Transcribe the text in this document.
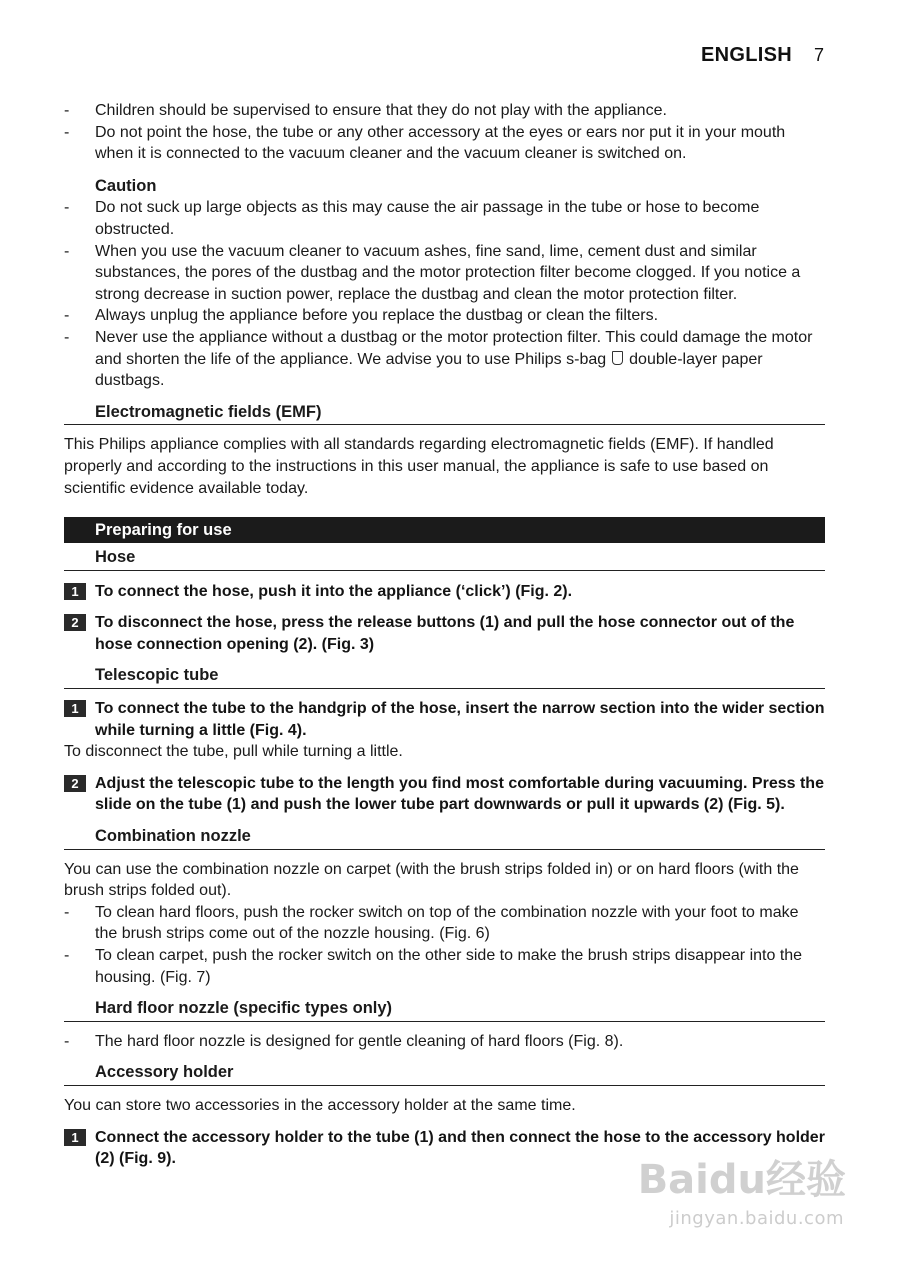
ENGLISH 7
- Children should be supervised to ensure that they do not play with the appliance.
- Do not point the hose, the tube or any other accessory at the eyes or ears nor put it in your mouth when it is connected to the vacuum cleaner and the vacuum cleaner is switched on.
Caution
- Do not suck up large objects as this may cause the air passage in the tube or hose to become obstructed.
- When you use the vacuum cleaner to vacuum ashes, fine sand, lime, cement dust and similar substances, the pores of the dustbag and the motor protection filter become clogged. If you notice a strong decrease in suction power, replace the dustbag and clean the motor protection filter.
- Always unplug the appliance before you replace the dustbag or clean the filters.
- Never use the appliance without a dustbag or the motor protection filter. This could damage the motor and shorten the life of the appliance. We advise you to use Philips s-bag double-layer paper dustbags.
Electromagnetic fields (EMF)

This Philips appliance complies with all standards regarding electromagnetic fields (EMF). If handled properly and according to the instructions in this user manual, the appliance is safe to use based on scientific evidence available today.

Preparing for use
Hose
1	To connect the hose, push it into the appliance (‘click’) (Fig. 2).
2	To disconnect the hose, press the release buttons (1) and pull the hose connector out of the hose connection opening (2). (Fig. 3)
Telescopic tube
1	To connect the tube to the handgrip of the hose, insert the narrow section into the wider section while turning a little (Fig. 4).

To disconnect the tube, pull while turning a little.

2	Adjust the telescopic tube to the length you find most comfortable during vacuuming. Press the slide on the tube (1) and push the lower tube part downwards or pull it upwards (2) (Fig. 5).
Combination nozzle

You can use the combination nozzle on carpet (with the brush strips folded in) or on hard floors (with the brush strips folded out).

- To clean hard floors, push the rocker switch on top of the combination nozzle with your foot to make the brush strips come out of the nozzle housing. (Fig. 6)
- To clean carpet, push the rocker switch on the other side to make the brush strips disappear into the housing. (Fig. 7)
Hard floor nozzle (specific types only)
- The hard floor nozzle is designed for gentle cleaning of hard floors (Fig. 8).
Accessory holder

You can store two accessories in the accessory holder at the same time.

1	Connect the accessory holder to the tube (1) and then connect the hose to the accessory holder (2) (Fig. 9).	Baidu经验
jingyan.baidu.com
